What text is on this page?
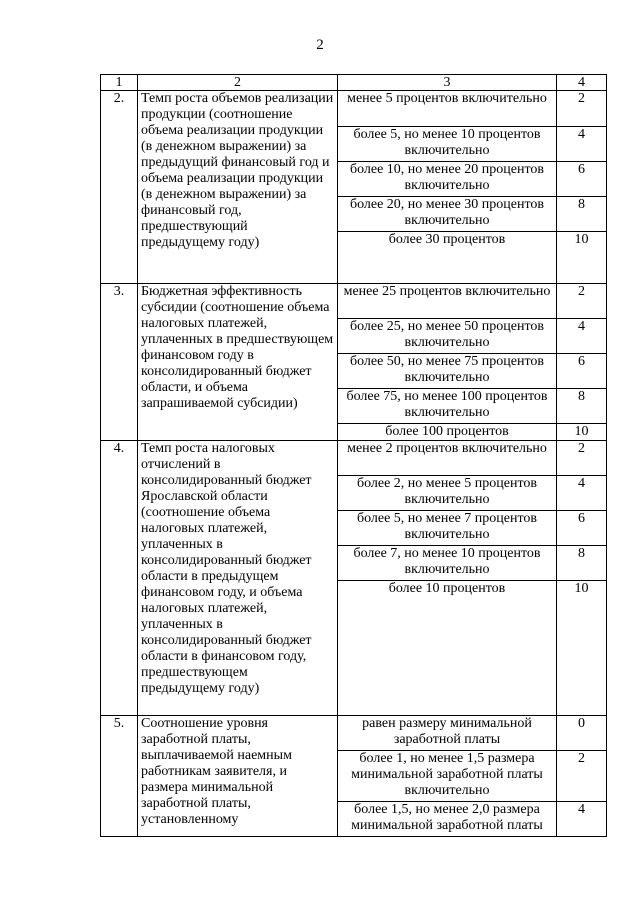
2
1	2	3	4
2.	Темп роста объемов реализации продукции (соотношение объема реализации продукции (в денежном выражении) за предыдущий финансовый год и объема реализации продукции (в денежном выражении) за финансовый год, предшествующий предыдущему году)	менее 5 процентов включительно	2
		более 5, но менее 10 процентов включительно	4
		более 10, но менее 20 процентов включительно	6
		более 20, но менее 30 процентов включительно	8
		более 30 процентов	10
3.	Бюджетная эффективность субсидии (соотношение объема налоговых платежей, уплаченных в предшествующем финансовом году в консолидированный бюджет области, и объема запрашиваемой субсидии)	менее 25 процентов включительно	2
		более 25, но менее 50 процентов включительно	4
		более 50, но менее 75 процентов включительно	6
		более 75, но менее 100 процентов включительно	8
		более 100 процентов	10
4.	Темп роста налоговых отчислений в консолидированный бюджет Ярославской области (соотношение объема налоговых платежей, уплаченных в консолидированный бюджет области в предыдущем финансовом году, и объема налоговых платежей, уплаченных в консолидированный бюджет области в финансовом году, предшествующем предыдущему году)	менее 2 процентов включительно	2
		более 2, но менее 5 процентов включительно	4
		более 5, но менее 7 процентов включительно	6
		более 7, но менее 10 процентов включительно	8
		более 10 процентов	10
5.	Соотношение уровня заработной платы, выплачиваемой наемным работникам заявителя, и размера минимальной заработной платы, установленному	равен размеру минимальной заработной платы	0
		более 1, но менее 1,5 размера минимальной заработной платы включительно	2
		более 1,5, но менее 2,0 размера минимальной заработной платы	4
